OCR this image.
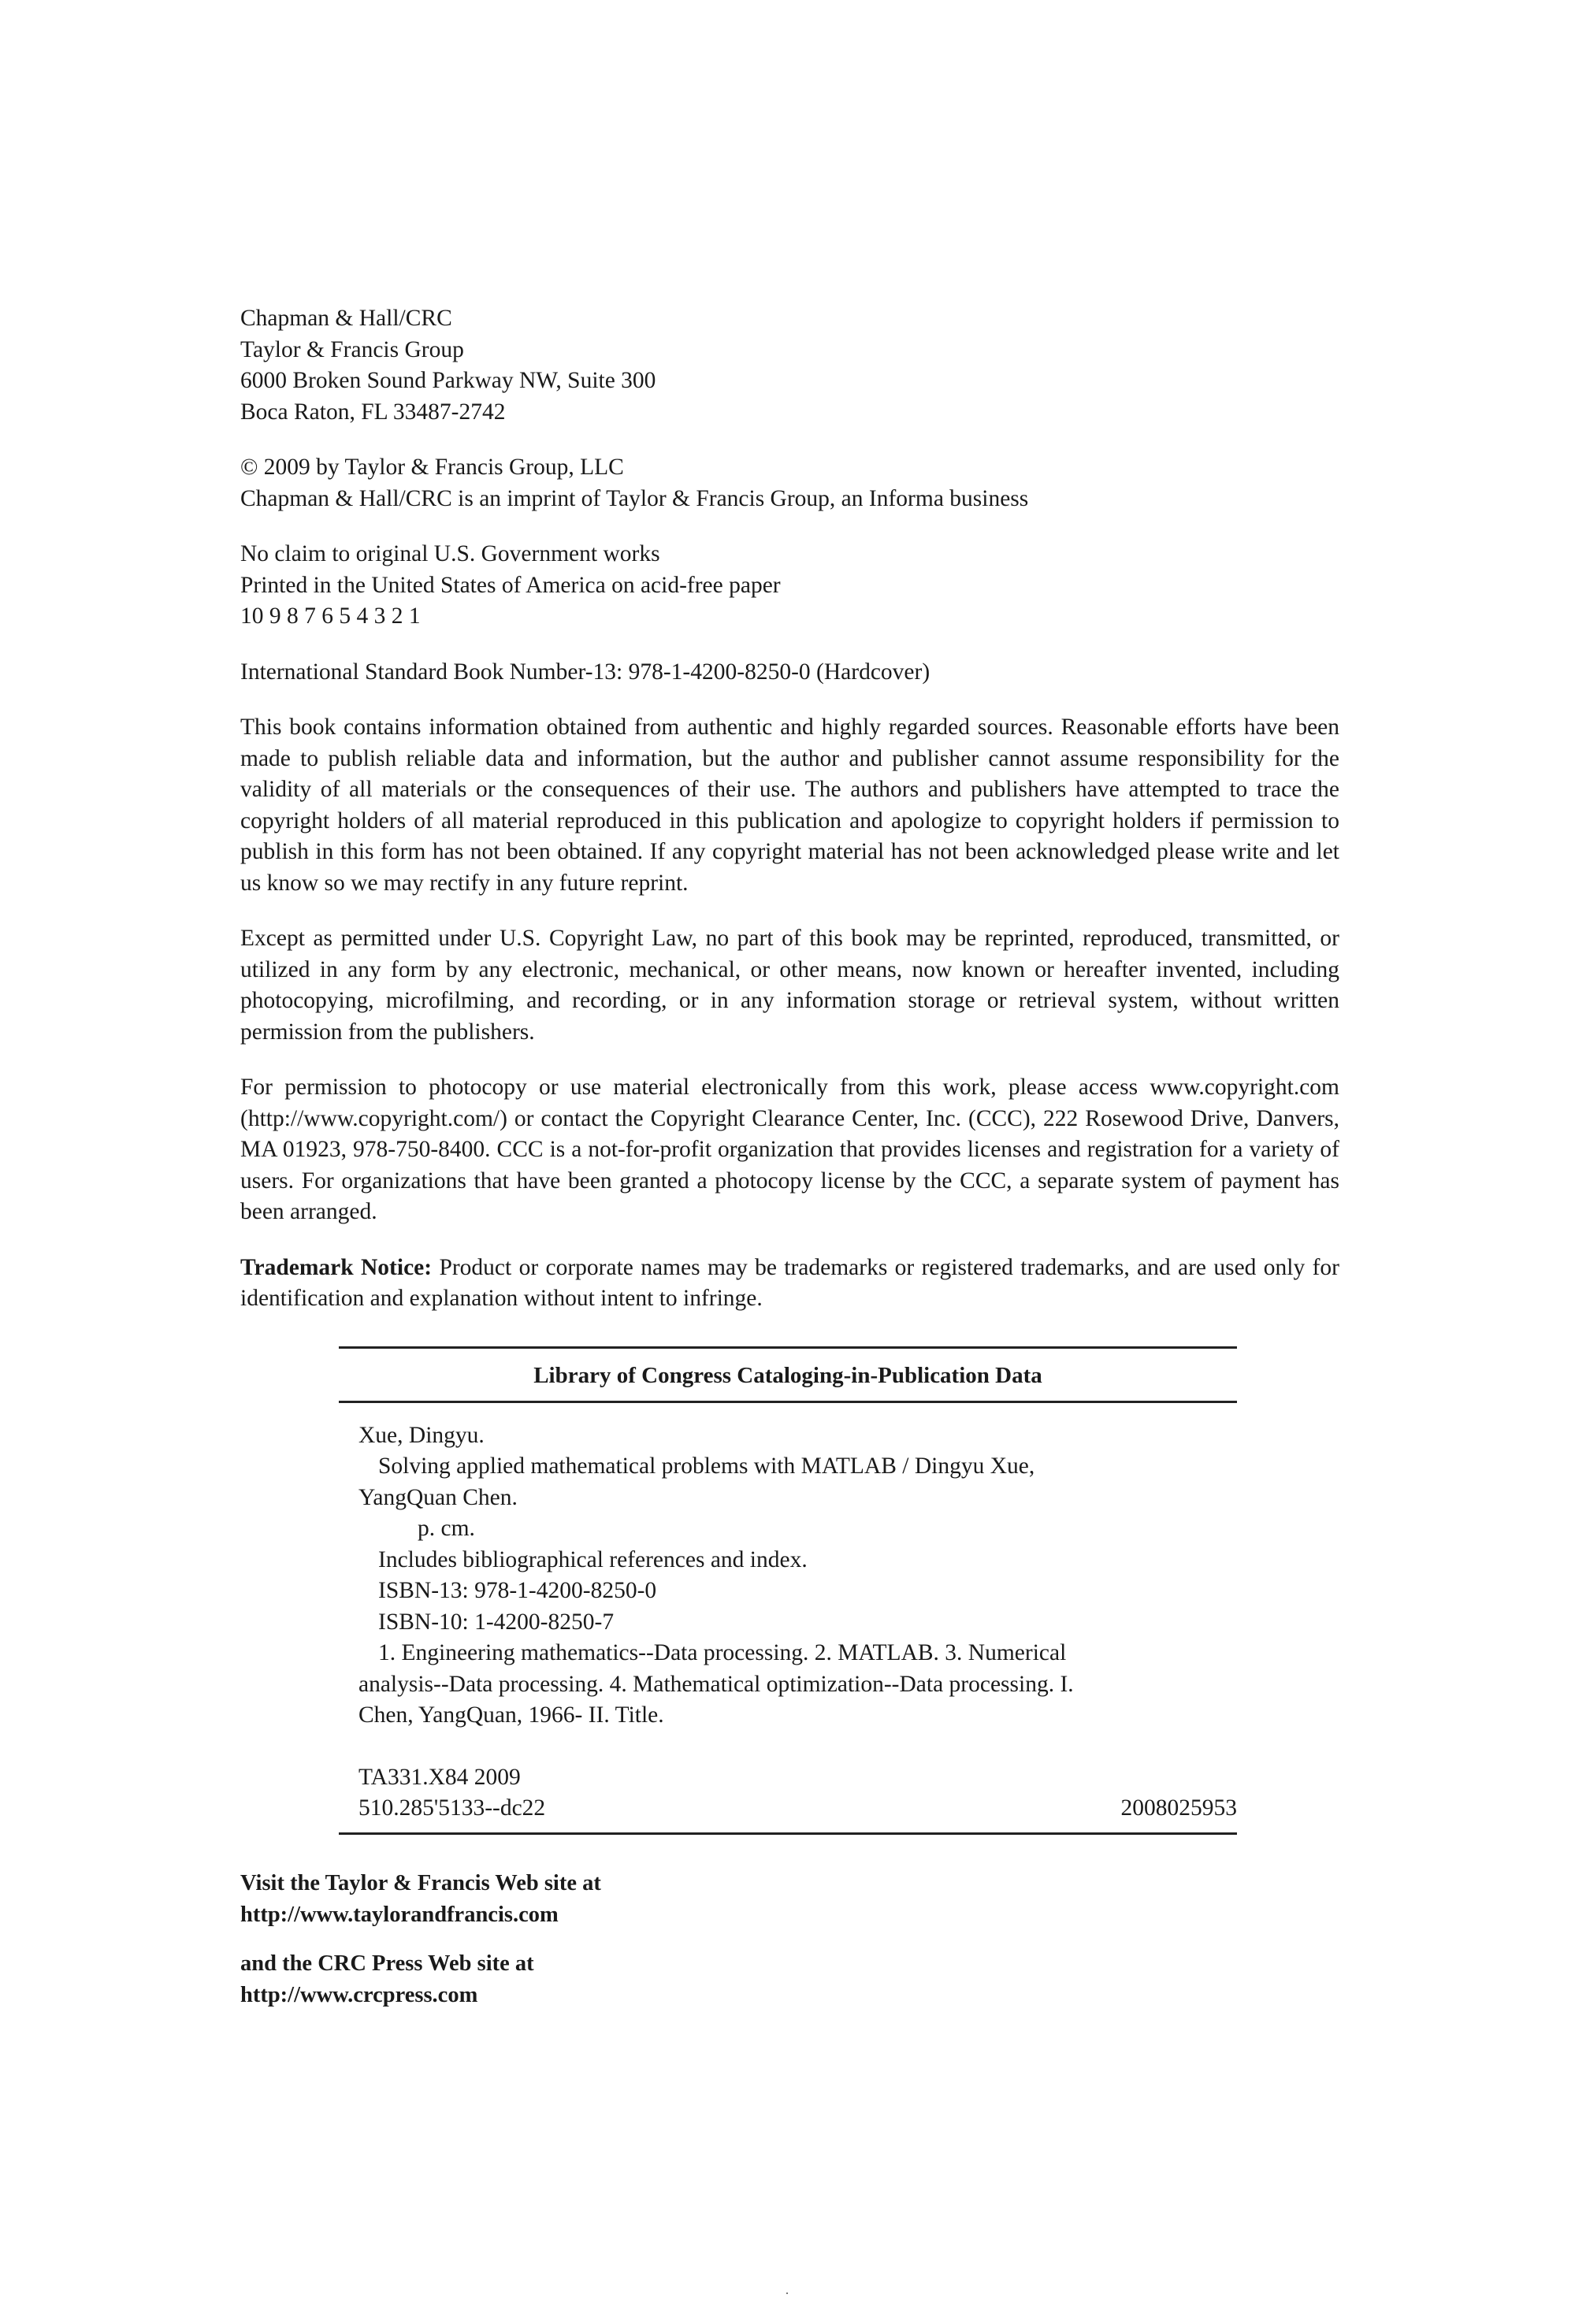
Chapman & Hall/CRC

Taylor & Francis Group

6000 Broken Sound Parkway NW, Suite 300

Boca Raton, FL 33487-2742

© 2009 by Taylor & Francis Group, LLC

Chapman & Hall/CRC is an imprint of Taylor & Francis Group, an Informa business

No claim to original U.S. Government works

Printed in the United States of America on acid-free paper

10 9 8 7 6 5 4 3 2 1

International Standard Book Number-13: 978-1-4200-8250-0 (Hardcover)

This book contains information obtained from authentic and highly regarded sources. Reasonable efforts have been made to publish reliable data and information, but the author and publisher cannot assume responsibility for the validity of all materials or the consequences of their use. The authors and publishers have attempted to trace the copyright holders of all material reproduced in this publication and apologize to copyright holders if permission to publish in this form has not been obtained. If any copyright material has not been acknowledged please write and let us know so we may rectify in any future reprint.

Except as permitted under U.S. Copyright Law, no part of this book may be reprinted, reproduced, transmitted, or utilized in any form by any electronic, mechanical, or other means, now known or hereafter invented, including photocopying, microfilming, and recording, or in any information storage or retrieval system, without written permission from the publishers.

For permission to photocopy or use material electronically from this work, please access www.copyright.com (http://www.copyright.com/) or contact the Copyright Clearance Center, Inc. (CCC), 222 Rosewood Drive, Danvers, MA 01923, 978-750-8400. CCC is a not-for-profit organization that provides licenses and registration for a variety of users. For organizations that have been granted a photocopy license by the CCC, a separate system of payment has been arranged.

Trademark Notice: Product or corporate names may be trademarks or registered trademarks, and are used only for identification and explanation without intent to infringe.

Library of Congress Cataloging-in-Publication Data

Xue, Dingyu.

Solving applied mathematical problems with MATLAB / Dingyu Xue,

YangQuan Chen.

p. cm.

Includes bibliographical references and index.

ISBN-13: 978-1-4200-8250-0

ISBN-10: 1-4200-8250-7

1. Engineering mathematics--Data processing. 2. MATLAB. 3. Numerical

analysis--Data processing. 4. Mathematical optimization--Data processing. I.

Chen, YangQuan, 1966- II. Title.

TA331.X84 2009

510.285'5133--dc22	2008025953

Visit the Taylor & Francis Web site at
http://www.taylorandfrancis.com
and the CRC Press Web site at
http://www.crcpress.com
